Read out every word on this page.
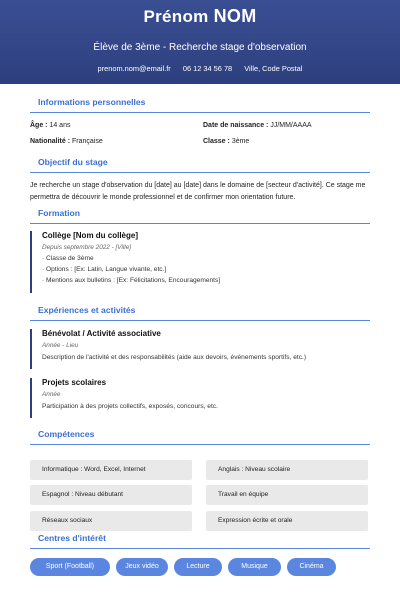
Prénom NOM
Élève de 3ème - Recherche stage d'observation
prenom.nom@email.fr 06 12 34 56 78 Ville, Code Postal
Informations personnelles
Âge : 14 ans	Date de naissance : JJ/MM/AAAA
Nationalité : Française	Classe : 3ème
Objectif du stage
Je recherche un stage d'observation du [date] au [date] dans le domaine de [secteur d'activité]. Ce stage me permettra de découvrir le monde professionnel et de confirmer mon orientation future.
Formation
Collège [Nom du collège]
Depuis septembre 2022 - [Ville]
· Classe de 3ème
· Options : [Ex: Latin, Langue vivante, etc.]
· Mentions aux bulletins : [Ex: Félicitations, Encouragements]
Expériences et activités
Bénévolat / Activité associative
Année - Lieu
Description de l'activité et des responsabilités (aide aux devoirs, événements sportifs, etc.)
Projets scolaires
Année
Participation à des projets collectifs, exposés, concours, etc.
Compétences
Informatique : Word, Excel, Internet	Anglais : Niveau scolaire
Espagnol : Niveau débutant	Travail en équipe
Réseaux sociaux	Expression écrite et orale
Centres d'intérêt
Sport (Football)	Jeux vidéo	Lecture	Musique	Cinéma
